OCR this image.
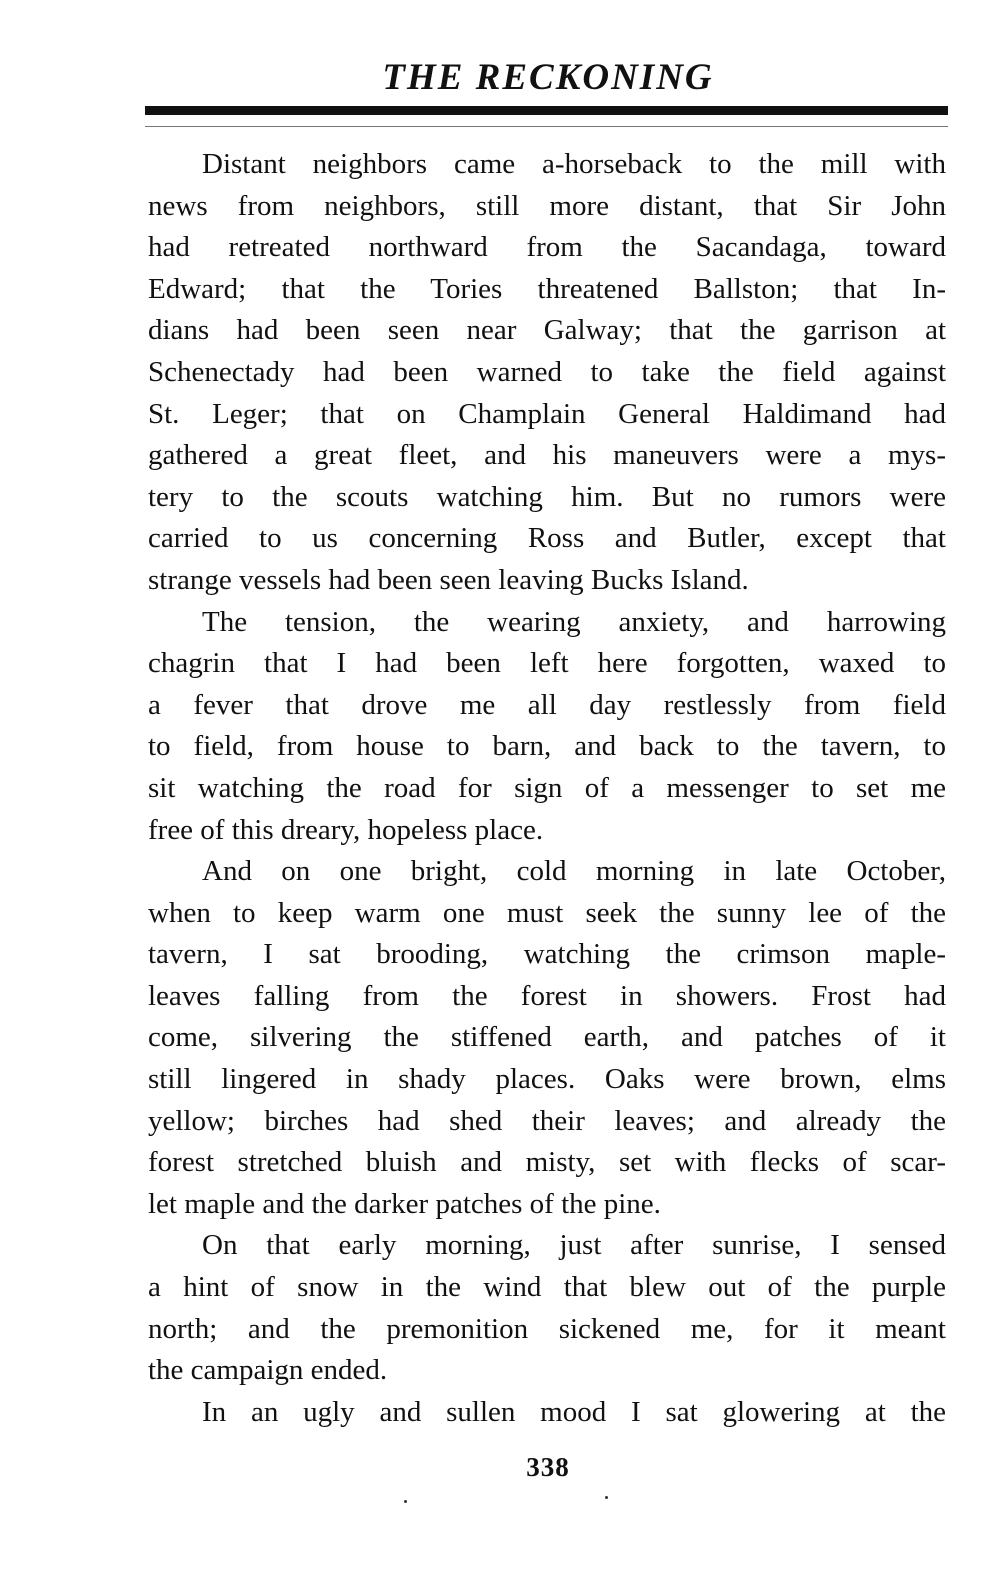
THE RECKONING
Distant neighbors came a-horseback to the mill with
news from neighbors, still more distant, that Sir John
had retreated northward from the Sacandaga, toward
Edward; that the Tories threatened Ballston; that In-
dians had been seen near Galway; that the garrison at
Schenectady had been warned to take the field against
St. Leger; that on Champlain General Haldimand had
gathered a great fleet, and his maneuvers were a mys-
tery to the scouts watching him. But no rumors were
carried to us concerning Ross and Butler, except that
strange vessels had been seen leaving Bucks Island.
The tension, the wearing anxiety, and harrowing
chagrin that I had been left here forgotten, waxed to
a fever that drove me all day restlessly from field
to field, from house to barn, and back to the tavern, to
sit watching the road for sign of a messenger to set me
free of this dreary, hopeless place.
And on one bright, cold morning in late October,
when to keep warm one must seek the sunny lee of the
tavern, I sat brooding, watching the crimson maple-
leaves falling from the forest in showers. Frost had
come, silvering the stiffened earth, and patches of it
still lingered in shady places. Oaks were brown, elms
yellow; birches had shed their leaves; and already the
forest stretched bluish and misty, set with flecks of scar-
let maple and the darker patches of the pine.
On that early morning, just after sunrise, I sensed
a hint of snow in the wind that blew out of the purple
north; and the premonition sickened me, for it meant
the campaign ended.
In an ugly and sullen mood I sat glowering at the
338
